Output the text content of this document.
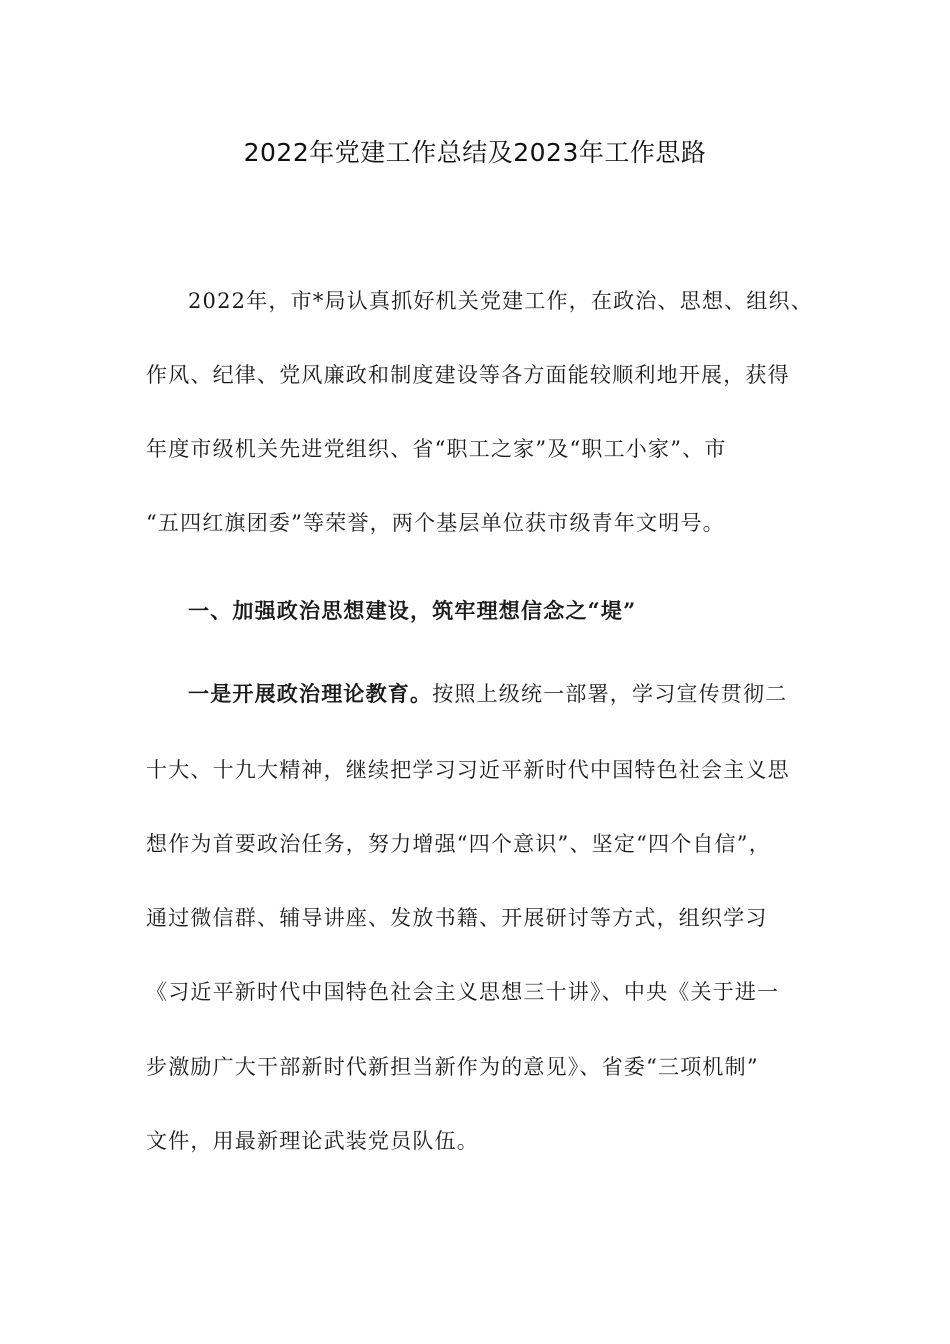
2022年党建工作总结及2023年工作思路
2022年，市*局认真抓好机关党建工作，在政治、思想、组织、
作风、纪律、党风廉政和制度建设等各方面能较顺利地开展，获得
年度市级机关先进党组织、省“职工之家”及“职工小家”、市
“五四红旗团委”等荣誉，两个基层单位获市级青年文明号。
一、加强政治思想建设，筑牢理想信念之“堤”
一是开展政治理论教育。按照上级统一部署，学习宣传贯彻二
十大、十九大精神，继续把学习习近平新时代中国特色社会主义思
想作为首要政治任务，努力增强“四个意识”、坚定“四个自信”，
通过微信群、辅导讲座、发放书籍、开展研讨等方式，组织学习
《习近平新时代中国特色社会主义思想三十讲》、中央《关于进一
步激励广大干部新时代新担当新作为的意见》、省委“三项机制”
文件，用最新理论武装党员队伍。
